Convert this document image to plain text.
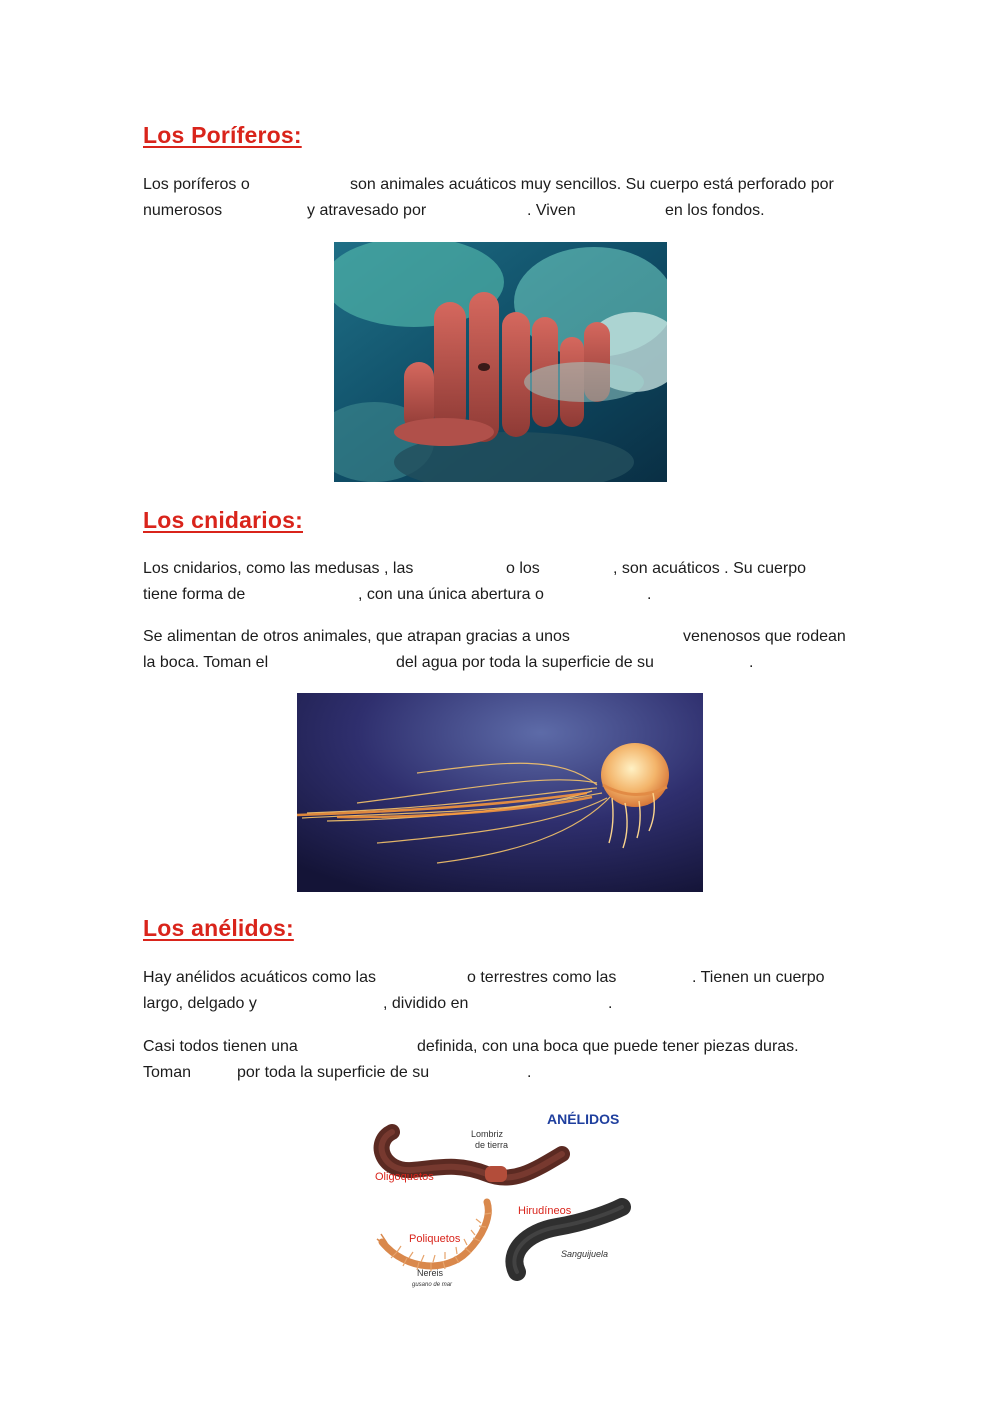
Los Poríferos:
Los poríferos o	son animales acuáticos muy sencillos. Su cuerpo está perforado por
numerosos	y atravesado por	. Viven	en los fondos.
Los cnidarios:
Los cnidarios, como las medusas , las	o los	, son acuáticos . Su cuerpo
tiene forma de	, con una única abertura o	.
Se alimentan de otros animales, que atrapan gracias a unos	venenosos que rodean
la boca. Toman el	del agua por toda la superficie de su	.
Los anélidos:
Hay anélidos acuáticos como las	o terrestres como las	. Tienen un cuerpo
largo, delgado y	, dividido en	.
Casi todos tienen una	definida, con una boca que puede tener piezas duras.
Toman	por toda la superficie de su	.
ANÉLIDOS
Lombriz
de tierra
Oligoquetos
Hirudíneos
Poliquetos
Sanguijuela
Nereis
gusano de mar
